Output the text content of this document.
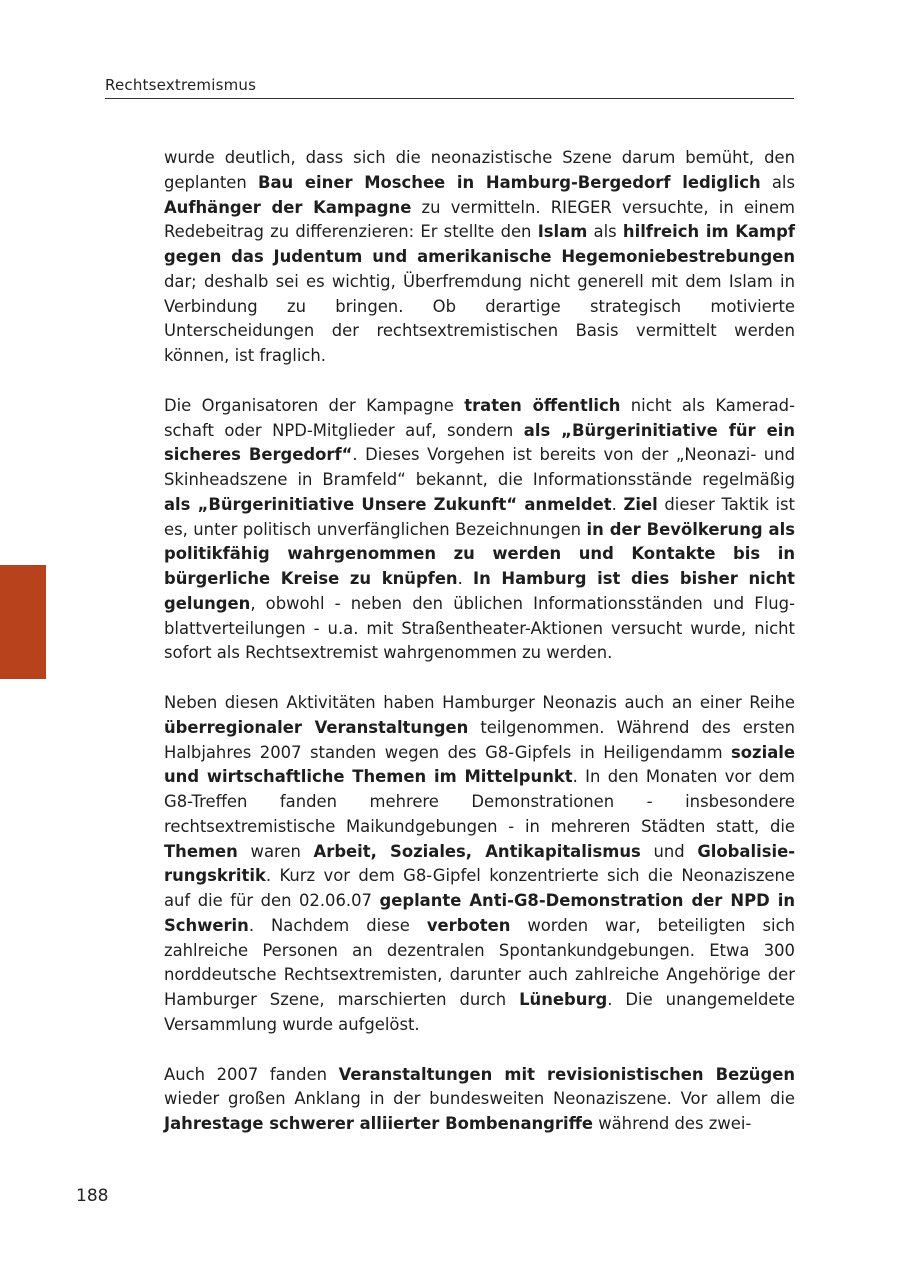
Rechtsextremismus

wurde deutlich, dass sich die neonazistische Szene darum bemüht, den geplanten Bau einer Moschee in Hamburg-Bergedorf lediglich als Aufhänger der Kampagne zu vermitteln. RIEGER versuchte, in einem Redebeitrag zu differenzieren: Er stellte den Islam als hilfreich im Kampf gegen das Judentum und amerikanische Hegemoniebestrebungen dar; deshalb sei es wichtig, Überfremdung nicht generell mit dem Islam in Verbindung zu bringen. Ob derartige strategisch motivierte Unterscheidungen der rechtsextremistischen Basis vermittelt werden können, ist fraglich.

Die Organisatoren der Kampagne traten öffentlich nicht als Kameradschaft oder NPD-Mitglieder auf, sondern als „Bürgerinitiative für ein sicheres Bergedorf“. Dieses Vorgehen ist bereits von der „Neonazi- und Skinheadszene in Bramfeld“ bekannt, die Informationsstände regelmäßig als „Bürgerinitiative Unsere Zukunft“ anmeldet. Ziel dieser Taktik ist es, unter politisch unverfänglichen Bezeichnungen in der Bevölkerung als politikfähig wahrgenommen zu werden und Kontakte bis in bürgerliche Kreise zu knüpfen. In Hamburg ist dies bisher nicht gelungen, obwohl - neben den üblichen Informationsständen und Flugblattverteilungen - u.a. mit Straßentheater-Aktionen versucht wurde, nicht sofort als Rechtsextremist wahrgenommen zu werden.

Neben diesen Aktivitäten haben Hamburger Neonazis auch an einer Reihe überregionaler Veranstaltungen teilgenommen. Während des ersten Halbjahres 2007 standen wegen des G8-Gipfels in Heiligendamm soziale und wirtschaftliche Themen im Mittelpunkt. In den Monaten vor dem G8-Treffen fanden mehrere Demonstrationen - insbesondere rechtsextremistische Maikundgebungen - in mehreren Städten statt, die Themen waren Arbeit, Soziales, Antikapitalismus und Globalisierungskritik. Kurz vor dem G8-Gipfel konzentrierte sich die Neonaziszene auf die für den 02.06.07 geplante Anti-G8-Demonstration der NPD in Schwerin. Nachdem diese verboten worden war, beteiligten sich zahlreiche Personen an dezentralen Spontankundgebungen. Etwa 300 norddeutsche Rechtsextremisten, darunter auch zahlreiche Angehörige der Hamburger Szene, marschierten durch Lüneburg. Die unangemeldete Versammlung wurde aufgelöst.

Auch 2007 fanden Veranstaltungen mit revisionistischen Bezügen wieder großen Anklang in der bundesweiten Neonaziszene. Vor allem die Jahrestage schwerer alliierter Bombenangriffe während des zwei-

188
